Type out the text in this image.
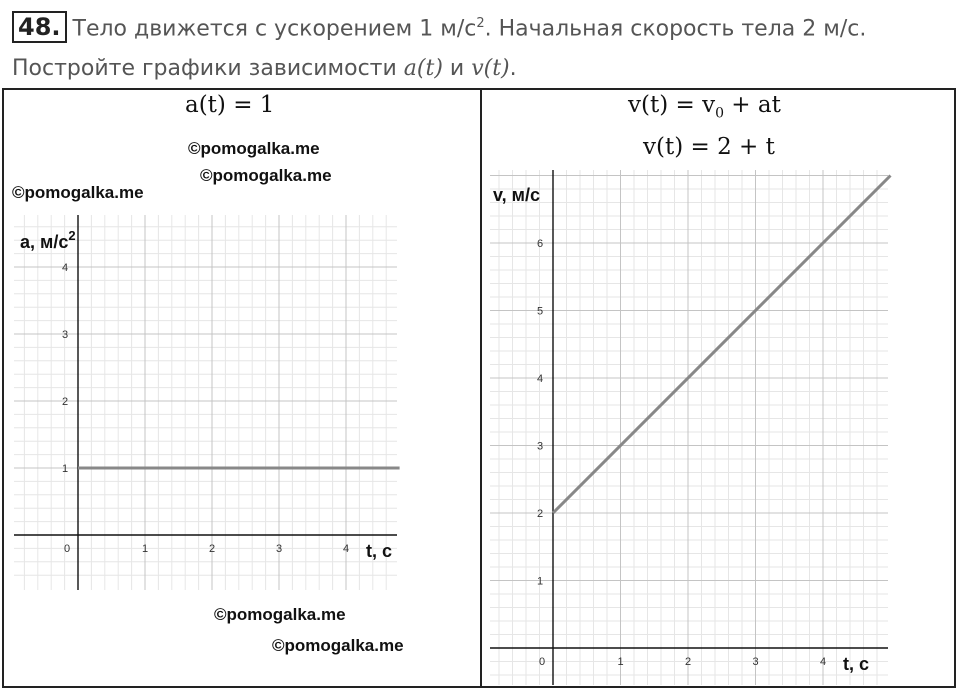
48. Тело движется с ускорением 1 $м/с^2$. Начальная скорость тела 2 м/с.
Постройте графики зависимости a(t) и v(t).
a(t) = 1	$v(t) = v_0$ + at
v(t) = 2 + t
©pomogalka.me
©pomogalka.me
©pomogalka.me
©pomogalka.me
©pomogalka.me
0	1	2	3	4
1
2
3
4
a, $м/c^2$
t, c
0	1	2	3	4
1
2
3
4
5
6
v, м/с
t, c
